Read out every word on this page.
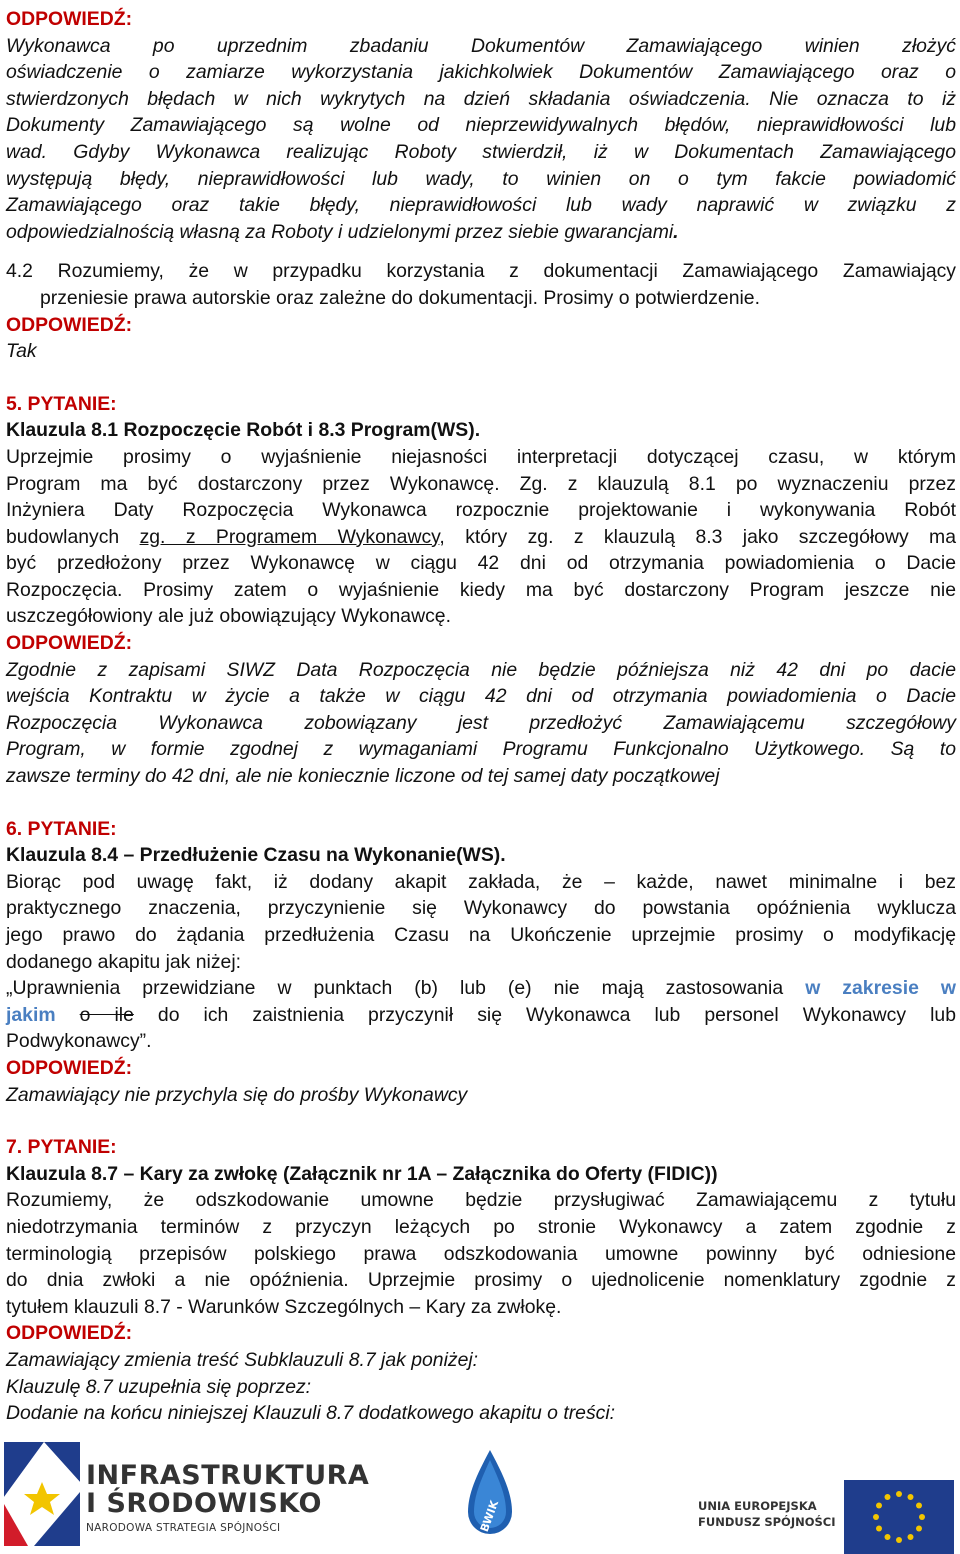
ODPOWIEDŹ:

Wykonawca po uprzednim zbadaniu Dokumentów Zamawiającego winien złożyć

oświadczenie o zamiarze wykorzystania jakichkolwiek Dokumentów Zamawiającego oraz o

stwierdzonych błędach w nich wykrytych na dzień składania oświadczenia. Nie oznacza to iż

Dokumenty Zamawiającego są wolne od nieprzewidywalnych błędów, nieprawidłowości lub

wad. Gdyby Wykonawca realizując Roboty stwierdził, iż w Dokumentach Zamawiającego

występują błędy, nieprawidłowości lub wady, to winien on o tym fakcie powiadomić

Zamawiającego oraz takie błędy, nieprawidłowości lub wady naprawić w związku z

odpowiedzialnością własną za Roboty i udzielonymi przez siebie gwarancjami.

4.2 Rozumiemy, że w przypadku korzystania z dokumentacji Zamawiającego Zamawiający

przeniesie prawa autorskie oraz zależne do dokumentacji. Prosimy o potwierdzenie.

ODPOWIEDŹ:

Tak

5. PYTANIE:

Klauzula 8.1 Rozpoczęcie Robót i 8.3 Program(WS).

Uprzejmie prosimy o wyjaśnienie niejasności interpretacji dotyczącej czasu, w którym

Program ma być dostarczony przez Wykonawcę. Zg. z klauzulą 8.1 po wyznaczeniu przez

Inżyniera Daty Rozpoczęcia Wykonawca rozpocznie projektowanie i wykonywania Robót

budowlanych zg. z Programem Wykonawcy, który zg. z klauzulą 8.3 jako szczegółowy ma

być przedłożony przez Wykonawcę w ciągu 42 dni od otrzymania powiadomienia o Dacie

Rozpoczęcia. Prosimy zatem o wyjaśnienie kiedy ma być dostarczony Program jeszcze nie

uszczegółowiony ale już obowiązujący Wykonawcę.

ODPOWIEDŹ:

Zgodnie z zapisami SIWZ Data Rozpoczęcia nie będzie późniejsza niż 42 dni po dacie

wejścia Kontraktu w życie a także w ciągu 42 dni od otrzymania powiadomienia o Dacie

Rozpoczęcia Wykonawca zobowiązany jest przedłożyć Zamawiającemu szczegółowy

Program, w formie zgodnej z wymaganiami Programu Funkcjonalno Użytkowego. Są to

zawsze terminy do 42 dni, ale nie koniecznie liczone od tej samej daty początkowej

6. PYTANIE:

Klauzula 8.4 – Przedłużenie Czasu na Wykonanie(WS).

Biorąc pod uwagę fakt, iż dodany akapit zakłada, że – każde, nawet minimalne i bez

praktycznego znaczenia, przyczynienie się Wykonawcy do powstania opóźnienia wyklucza

jego prawo do żądania przedłużenia Czasu na Ukończenie uprzejmie prosimy o modyfikację

dodanego akapitu jak niżej:

„Uprawnienia przewidziane w punktach (b) lub (e) nie mają zastosowania w zakresie w

jakim o ile do ich zaistnienia przyczynił się Wykonawca lub personel Wykonawcy lub

Podwykonawcy”.

ODPOWIEDŹ:

Zamawiający nie przychyla się do prośby Wykonawcy

7. PYTANIE:

Klauzula 8.7 – Kary za zwłokę (Załącznik nr 1A – Załącznika do Oferty (FIDIC))

Rozumiemy, że odszkodowanie umowne będzie przysługiwać Zamawiającemu z tytułu

niedotrzymania terminów z przyczyn leżących po stronie Wykonawcy a zatem zgodnie z

terminologią przepisów polskiego prawa odszkodowania umowne powinny być odniesione

do dnia zwłoki a nie opóźnienia. Uprzejmie prosimy o ujednolicenie nomenklatury zgodnie z

tytułem klauzuli 8.7 - Warunków Szczególnych – Kary za zwłokę.

ODPOWIEDŹ:

Zamawiający zmienia treść Subklauzuli 8.7 jak poniżej:

Klauzulę 8.7 uzupełnia się poprzez:

Dodanie na końcu niniejszej Klauzuli 8.7 dodatkowego akapitu o treści:

INFRASTRUKTURA
I ŚRODOWISKO
NARODOWA STRATEGIA SPÓJNOŚCI	BWIK	UNIA EUROPEJSKA
FUNDUSZ SPÓJNOŚCI
